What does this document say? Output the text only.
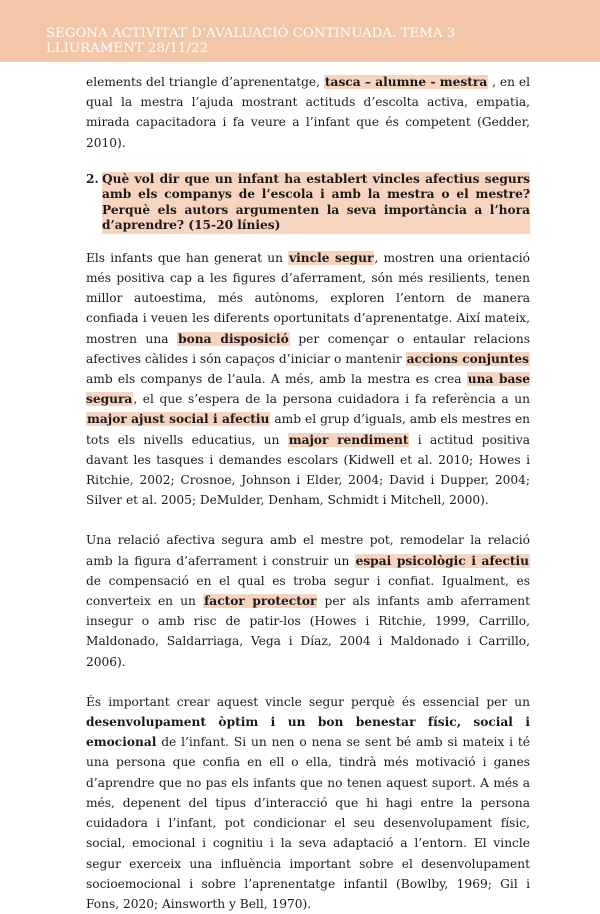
SEGONA ACTIVITAT D’AVALUACIÓ CONTINUADA. TEMA 3
LLIURAMENT 28/11/22

elements del triangle d’aprenentatge, tasca – alumne - mestra , en el qual la mestra l’ajuda mostrant actituds d’escolta activa, empatia, mirada capacitadora i fa veure a l’infant que és competent (Gedder, 2010).

2. Què vol dir que un infant ha establert vincles afectius segurs amb els companys de l’escola i amb la mestra o el mestre? Perquè els autors argumenten la seva importància a l’hora d’aprendre? (15-20 línies)

Els infants que han generat un vincle segur, mostren una orientació més positiva cap a les figures d’aferrament, són més resilients, tenen millor autoestima, més autònoms, exploren l’entorn de manera confiada i veuen les diferents oportunitats d’aprenentatge. Així mateix, mostren una bona disposició per començar o entaular relacions afectives càlides i són capaços d’iniciar o mantenir accions conjuntes amb els companys de l’aula. A més, amb la mestra es crea una base segura, el que s’espera de la persona cuidadora i fa referència a un major ajust social i afectiu amb el grup d’iguals, amb els mestres en tots els nivells educatius, un major rendiment i actitud positiva davant les tasques i demandes escolars (Kidwell et al. 2010; Howes i Ritchie, 2002; Crosnoe, Johnson i Elder, 2004; David i Dupper, 2004; Silver et al. 2005; DeMulder, Denham, Schmidt i Mitchell, 2000).

Una relació afectiva segura amb el mestre pot, remodelar la relació amb la figura d’aferrament i construir un espai psicològic i afectiu de compensació en el qual es troba segur i confiat. Igualment, es converteix en un factor protector per als infants amb aferrament insegur o amb risc de patir-los (Howes i Ritchie, 1999, Carrillo, Maldonado, Saldarriaga, Vega i Díaz, 2004 i Maldonado i Carrillo, 2006).

És important crear aquest vincle segur perquè és essencial per un desenvolupament òptim i un bon benestar físic, social i emocional de l’infant. Si un nen o nena se sent bé amb si mateix i té una persona que confia en ell o ella, tindrà més motivació i ganes d’aprendre que no pas els infants que no tenen aquest suport. A més a més, depenent del tipus d’interacció que hi hagi entre la persona cuidadora i l’infant, pot condicionar el seu desenvolupament físic, social, emocional i cognitiu i la seva adaptació a l’entorn. El vincle segur exerceix una influència important sobre el desenvolupament socioemocional i sobre l’aprenentatge infantil (Bowlby, 1969; Gil i Fons, 2020; Ainsworth y Bell, 1970).
